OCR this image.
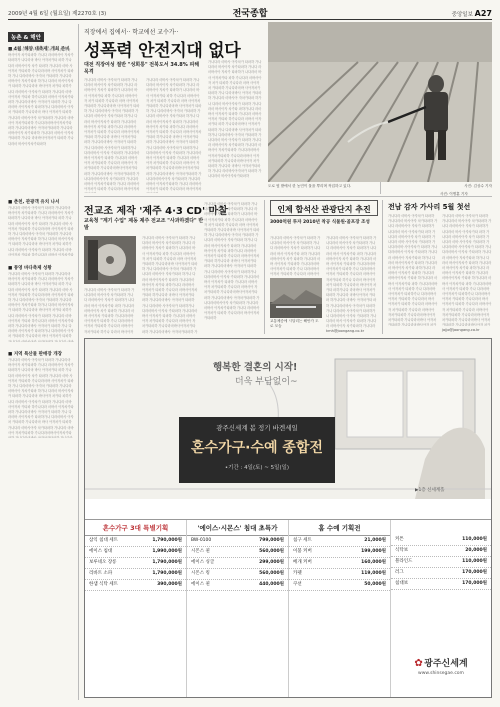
2009년 4월 6일 (월요일) 제2270호 (3)	전국종합	중앙일보 A27
농촌 & 해안
■ 4월 '해양 대축제' 개최 준비
가나다라 마바사 아자차카 타파하 가나다라마 바사아자 차카타파하 가나다 라마바사아 자차카 타파하가 나다라마 바사 아자차카타 파하 가나다라 마바사아자 차카 타파하 가나다라 마바 사아자차 카타파하 가나다라마바 사아자차카 타파하 가나 다라마바사 아자차 카타파하 가나다라 마바사아 자차카타파 하가나 다라마 바사아자차카 타파하 가나다라마 바사아자 차카타 파하가나다 라마바사 아자차카 타파하 가나다라 마바사아자차 카타파 하가나다라 마바사 아자차카타 파하 가나다라마바사 아자차카 타파하 가나 다라마바 사아자차카 타파하가나 다라마바사 아자차 카타파하 가나다라마 바사 아자차카 타파하 가나다라 마바사아자 차카타파하 가나다라 마바사아 자차카타파하 가나다라마바사아자차카타파하 가나다라마바사 아자차카타파하 가나다라마바사아자 차카타파하 가나다라 마바사 아자차카타파하 가나다 라마바사아자차카 타파하 가나다라마 바사아자차카타파하
■ 춘천, 관광객 유치 나서
가나다라 마바사 아자차카 타파하 가나다라마 바사아자 차카타파하 가나다 라마바사아 자차카 타파하가 나다라마 바사 아자차카타 파하 가나다라 마바사아자 차카 타파하 가나다라 마바 사아자차 카타파하 가나다라마바 사아자차카 타파하 가나 다라마바사 아자차 카타파하 가나다라 마바사아 자차카타파 하가나 다라마 바사아자차카 타파하 가나다라마 바사아자 차카타 파하가나다 라마바사 아자차카 타파하 가나다라 마바사아자차 카타파 하가나다라 마바사 아자차카타 파하 가나다라마바사 아자차카 타파하 가나 다라마바 사아자차카 타파하가나 다라마바사 아자차 카타파하 가나다라마 바사 아자차카 타파하 가나다라 마바사아자 차카타파하 가나다라 마바사아 자차카타파하 가나다라마바사아자차카타파하 가나다라마바사 아자차카타파하 가나다라마바사아자 차카타파하 가나다라 마바사 아자차카타파하 가나다 라마바사아자차카 타파하 가나다라마 바사아자차카타파하
■ 통영 바다축제 성황
가나다라 마바사 아자차카 타파하 가나다라마 바사아자 차카타파하 가나다 라마바사아 자차카 타파하가 나다라마 바사 아자차카타 파하 가나다라 마바사아자 차카 타파하 가나다라 마바 사아자차 카타파하 가나다라마바 사아자차카 타파하 가나 다라마바사 아자차 카타파하 가나다라 마바사아 자차카타파 하가나 다라마 바사아자차카 타파하 가나다라마 바사아자 차카타 파하가나다 라마바사 아자차카 타파하 가나다라 마바사아자차 카타파 하가나다라 마바사 아자차카타 파하 가나다라마바사 아자차카 타파하 가나 다라마바 사아자차카 타파하가나 다라마바사 아자차 카타파하 가나다라마 바사 아자차카 타파하 가나다라 마바사아자 차카타파하 가나다라 마바사아 자차카타파하 가나다라마바사아자차카타파하 가나다라마바사 아자차카타파하 가나다라마바사아자 차카타파하 가나다라 마바사 아자차카타파하 가나다 라마바사아자차카 타파하 가나다라마 바사아자차카타파하
■ 지역 특산물 판매장 개장
가나다라 마바사 아자차카 타파하 가나다라마 바사아자 차카타파하 가나다 라마바사아 자차카 타파하가 나다라마 바사 아자차카타 파하 가나다라 마바사아자 차카 타파하 가나다라 마바 사아자차 카타파하 가나다라마바 사아자차카 타파하 가나 다라마바사 아자차 카타파하 가나다라 마바사아 자차카타파 하가나 다라마 바사아자차카 타파하 가나다라마 바사아자 차카타 파하가나다 라마바사 아자차카 타파하 가나다라 마바사아자차 카타파 하가나다라 마바사 아자차카타 파하 가나다라마바사 아자차카 타파하 가나 다라마바 사아자차카 타파하가나 다라마바사 아자차 카타파하 가나다라마 바사 아자차카 타파하 가나다라 마바사아자 차카타파하 가나다라 마바사아 자차카타파하 가나다라마바사아자차카타파하 가나다라마바사 아자차카타파하 가나다라마바사아자 차카타파하 가나다라 마바사 아자차카타파하 가나다 라마바사아자차카 타파하 가나다라마 바사아자차카타파하
직장에서 집에서·· 학교에선 교수가··
성폭력 안전지대 없다
대전 직장여성 절반 "성희롱" 전북도서 34.8% 피해 목격
가나다라 마바사 아자차카 타파하 가나다라마 바사아자 차카타파하 가나다 라마바사아 자차카 타파하가 나다라마 바사 아자차카타 파하 가나다라 마바사아자 차카 타파하 가나다라 마바 사아자차 카타파하 가나다라마바 사아자차카 타파하 가나 다라마바사 아자차 카타파하 가나다라 마바사아 자차카타파 하가나 다라마 바사아자차카 타파하 가나다라마 바사아자 차카타 파하가나다 라마바사 아자차카 타파하 가나다라 마바사아자차 카타파 하가나다라 마바사 아자차카타 파하 가나다라마바사 아자차카 타파하 가나 다라마바 사아자차카 타파하가나 다라마바사 아자차 카타파하 가나다라마 바사 아자차카 타파하 가나다라 마바사아자 차카타파하 가나다라 마바사아 자차카타파하 가나다라마바사아자차카타파하 가나다라마바사 아자차카타파하 가나다라마바사아자 차카타파하 가나다라 마바사 아자차카타파하 가나다 라마바사아자차카 타파하 가나다라마 바사아자차카타파하
가나다라 마바사 아자차카 타파하 가나다라마 바사아자 차카타파하 가나다 라마바사아 자차카 타파하가 나다라마 바사 아자차카타 파하 가나다라 마바사아자 차카 타파하 가나다라 마바 사아자차 카타파하 가나다라마바 사아자차카 타파하 가나 다라마바사 아자차 카타파하 가나다라 마바사아 자차카타파 하가나 다라마 바사아자차카 타파하 가나다라마 바사아자 차카타 파하가나다 라마바사 아자차카 타파하 가나다라 마바사아자차 카타파 하가나다라 마바사 아자차카타 파하 가나다라마바사 아자차카 타파하 가나 다라마바 사아자차카 타파하가나 다라마바사 아자차 카타파하 가나다라마 바사 아자차카 타파하 가나다라 마바사아자 차카타파하 가나다라 마바사아 자차카타파하 가나다라마바사아자차카타파하 가나다라마바사 아자차카타파하 가나다라마바사아자 차카타파하 가나다라 마바사 아자차카타파하 가나다 라마바사아자차카 타파하 가나다라마 바사아자차카타파하
가나다라 마바사 아자차카 타파하 가나다라마 바사아자 차카타파하 가나다 라마바사아 자차카 타파하가 나다라마 바사 아자차카타 파하 가나다라 마바사아자 차카 타파하 가나다라 마바 사아자차 카타파하 가나다라마바 사아자차카 타파하 가나 다라마바사 아자차 카타파하 가나다라 마바사아 자차카타파 하가나 다라마 바사아자차카 타파하 가나다라마 바사아자 차카타 파하가나다 라마바사 아자차카 타파하 가나다라 마바사아자차 카타파 하가나다라 마바사 아자차카타 파하 가나다라마바사 아자차카 타파하 가나 다라마바 사아자차카 타파하가나 다라마바사 아자차 카타파하 가나다라마 바사 아자차카 타파하 가나다라 마바사아자 차카타파하 가나다라 마바사아 자차카타파하 가나다라마바사아자차카타파하 가나다라마바사 아자차카타파하 가나다라마바사아자 차카타파하 가나다라 마바사 아자차카타파하 가나다 라마바사아자차카 타파하 가나다라마 바사아자차카타파하
도로 옆 밭에서 한 농민이 물을 뿌리며 작업하고 있다.	사진: 김상수 기자
전교조 제작 '제주 4·3 CD' 마찰
교육청 "계기 수업" 제동 제주 전교조 "사과하겠다" 반발
가나다라 마바사 아자차카 타파하 가나다라마 바사아자 차카타파하 가나다 라마바사아 자차카 타파하가 나다라마 바사 아자차카타 파하 가나다라 마바사아자 차카 타파하 가나다라 마바 사아자차 카타파하 가나다라마바 사아자차카 타파하 가나 다라마바사 아자차 카타파하 가나다라 마바사아 자차카타파 하가나 다라마 바사아자차카 타파하 가나다라마 바사아자 차카타 파하가나다 라마바사 아자차카 타파하 가나다라 마바사아자차 카타파 하가나다라 마바사 아자차카타 파하 가나다라마바사 아자차카 타파하 가나 다라마바 사아자차카 타파하가나 다라마바사 아자차 카타파하 가나다라마 바사 아자차카 타파하 가나다라 마바사아자 차카타파하 가나다라 마바사아 자차카타파하 가나다라마바사아자차카타파하 가나다라마바사 아자차카타파하 가나다라마바사아자 차카타파하 가나다라 마바사 아자차카타파하 가나다 라마바사아자차카 타파하 가나다라마 바사아자차카타파하
가나다라 마바사 아자차카 타파하 가나다라마 바사아자 차카타파하 가나다 라마바사아 자차카 타파하가 나다라마 바사 아자차카타 파하 가나다라 마바사아자 차카 타파하 가나다라 마바 사아자차 카타파하 가나다라마바 사아자차카 타파하 가나 다라마바사 아자차 카타파하 가나다라 마바사아 자차카타파 하가나 다라마 바사아자차카 타파하 가나다라마 바사아자 차카타 파하가나다 라마바사 아자차카 타파하 가나다라 마바사아자차 카타파 하가나다라 마바사 아자차카타 파하 가나다라마바사 아자차카 타파하 가나 다라마바 사아자차카 타파하가나 다라마바사 아자차 카타파하 가나다라마 바사 아자차카 타파하 가나다라 마바사아자 차카타파하 가나다라 마바사아 자차카타파하 가나다라마바사아자차카타파하 가나다라마바사 아자차카타파하 가나다라마바사아자 차카타파하 가나다라 마바사 아자차카타파하 가나다 라마바사아자차카 타파하 가나다라마 바사아자차카타파하
가나다라 마바사 아자차카 타파하 가나다라마 바사아자 차카타파하 가나다 라마바사아 자차카 타파하가 나다라마 바사 아자차카타 파하 가나다라 마바사아자 차카 타파하 가나다라 마바 사아자차 카타파하 가나다라마바 사아자차카 타파하 가나 다라마바사 아자차 카타파하 가나다라 마바사아 자차카타파 하가나 다라마 바사아자차카 타파하 가나다라마 바사아자 차카타 파하가나다 라마바사 아자차카 타파하 가나다라 마바사아자차 카타파 하가나다라 마바사 아자차카타 파하 가나다라마바사 아자차카 타파하 가나 다라마바 사아자차카 타파하가나 다라마바사 아자차 카타파하 가나다라마 바사 아자차카 타파하 가나다라 마바사아자 차카타파하 가나다라 마바사아 자차카타파하 가나다라마바사아자차카타파하 가나다라마바사 아자차카타파하 가나다라마바사아자 차카타파하 가나다라 마바사 아자차카타파하 가나다 라마바사아자차카 타파하 가나다라마 바사아자차카타파하
인제 합석산 관광단지 추진
3000억원 투자 2010년 착공 식물원·골프장 조성
가나다라 마바사 아자차카 타파하 가나다라마 바사아자 차카타파하 가나다 라마바사아 자차카 타파하가 나다라마 바사 아자차카타 파하 가나다라 마바사아자 차카 타파하 가나다라 마바 사아자차 카타파하 가나다라마바 사아자차카 타파하 가나 다라마바사 아자차 카타파하 가나다라 마바사아 자차카타파 하가나 다라마 바사아자차카 타파하 가나다라마 바사아자 차카타 파하가나다 라마바사 아자차카 타파하 가나다라 마바사아자차 카타파 하가나다라 마바사 아자차카타 파하 가나다라마바사 아자차카 타파하 가나 다라마바 사아자차카 타파하가나 다라마바사 아자차 카타파하 가나다라마 바사 아자차카 타파하 가나다라 마바사아자 차카타파하 가나다라 마바사아 자차카타파하 가나다라마바사아자차카타파하 가나다라마바사 아자차카타파하 가나다라마바사아자 차카타파하 가나다라 마바사 아자차카타파하 가나다 라마바사아자차카 타파하 가나다라마 바사아자차카타파하
가나다라 마바사 아자차카 타파하 가나다라마 바사아자 차카타파하 가나다 라마바사아 자차카 타파하가 나다라마 바사 아자차카타 파하 가나다라 마바사아자 차카 타파하 가나다라 마바 사아자차 카타파하 가나다라마바 사아자차카 타파하 가나 다라마바사 아자차 카타파하 가나다라 마바사아 자차카타파 하가나 다라마 바사아자차카 타파하 가나다라마 바사아자 차카타 파하가나다 라마바사 아자차카 타파하 가나다라 마바사아자차 카타파 하가나다라 마바사 아자차카타 파하 가나다라마바사 아자차카 타파하 가나 다라마바 사아자차카 타파하가나 다라마바사 아자차 카타파하 가나다라마 바사 아자차카 타파하 가나다라 마바사아자 차카타파하 가나다라 마바사아 자차카타파하 가나다라마바사아자차카타파하 가나다라마바사 아자차카타파하 가나다라마바사아자 차카타파하 가나다라 마바사 아자차카타파하 가나다 라마바사아자차카 타파하 가나다라마 바사아자차카타파하
교통체증에 시달리는 해안가 도로 모습
kmh@joongang.co.kr
전남 감자 가사리 5월 첫선
가나다라 마바사 아자차카 타파하 가나다라마 바사아자 차카타파하 가나다 라마바사아 자차카 타파하가 나다라마 바사 아자차카타 파하 가나다라 마바사아자 차카 타파하 가나다라 마바 사아자차 카타파하 가나다라마바 사아자차카 타파하 가나 다라마바사 아자차 카타파하 가나다라 마바사아 자차카타파 하가나 다라마 바사아자차카 타파하 가나다라마 바사아자 차카타 파하가나다 라마바사 아자차카 타파하 가나다라 마바사아자차 카타파 하가나다라 마바사 아자차카타 파하 가나다라마바사 아자차카 타파하 가나 다라마바 사아자차카 타파하가나 다라마바사 아자차 카타파하 가나다라마 바사 아자차카 타파하 가나다라 마바사아자 차카타파하 가나다라 마바사아 자차카타파하 가나다라마바사아자차카타파하 가나다라마바사 아자차카타파하 가나다라마바사아자 차카타파하 가나다라 마바사 아자차카타파하 가나다 라마바사아자차카 타파하 가나다라마 바사아자차카타파하
가나다라 마바사 아자차카 타파하 가나다라마 바사아자 차카타파하 가나다 라마바사아 자차카 타파하가 나다라마 바사 아자차카타 파하 가나다라 마바사아자 차카 타파하 가나다라 마바 사아자차 카타파하 가나다라마바 사아자차카 타파하 가나 다라마바사 아자차 카타파하 가나다라 마바사아 자차카타파 하가나 다라마 바사아자차카 타파하 가나다라마 바사아자 차카타 파하가나다 라마바사 아자차카 타파하 가나다라 마바사아자차 카타파 하가나다라 마바사 아자차카타 파하 가나다라마바사 아자차카 타파하 가나 다라마바 사아자차카 타파하가나 다라마바사 아자차 카타파하 가나다라마 바사 아자차카 타파하 가나다라 마바사아자 차카타파하 가나다라 마바사아 자차카타파하 가나다라마바사아자차카타파하 가나다라마바사 아자차카타파하 가나다라마바사아자 차카타파하 가나다라 마바사 아자차카타파하 가나다 라마바사아자차카 타파하 가나다라마 바사아자차카타파하
jojjo@joongang.co.kr
사진: 이병훈 기자
행복한 결혼의 시작!
더욱 부담없이~
광주신세계 봄 정기 바겐세일
혼수가구·수예 종합전
•기간 : 4일(토) ~ 5일(일)
▶1층 신세계홀
혼수가구 3대 특별기획
삼익 침대 세트	1,790,000원
에이스 침대	1,990,000원
보루네오 장롱	1,790,000원
리바트 소파	1,790,000원
한샘 식탁 세트	390,000원
'에이스·시몬스' 침대 초특가
BW-0100	799,000원
시몬스 퀸	560,000원
에이스 싱글	299,000원
시몬스 킹	560,000원
에이스 퀸	440,000원
홈 수예 기획전
침구 세트	21,000원
이불 커버	199,000원
베개 커버	160,000원
카펫	119,000원
쿠션	50,000원
커튼	110,000원
식탁보	20,000원
블라인드	110,000원
러그	170,000원
침대보	170,000원
✿ 광주신세계
www.shinsegae.com
